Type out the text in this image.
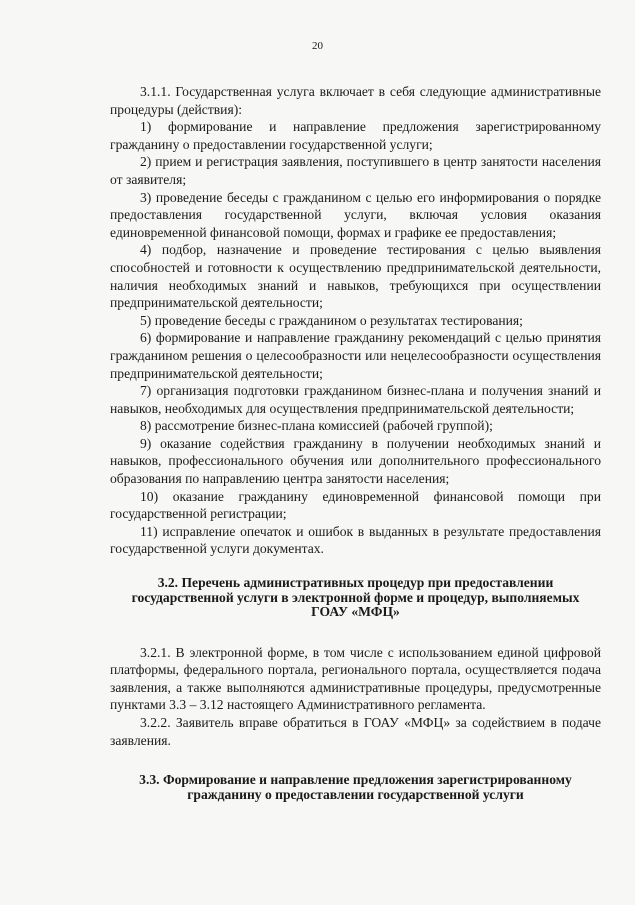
20

3.1.1. Государственная услуга включает в себя следующие административные процедуры (действия):

1) формирование и направление предложения зарегистрированному гражданину о предоставлении государственной услуги;

2) прием и регистрация заявления, поступившего в центр занятости населения от заявителя;

3) проведение беседы с гражданином с целью его информирования о порядке предоставления государственной услуги, включая условия оказания единовременной финансовой помощи, формах и графике ее предоставления;

4) подбор, назначение и проведение тестирования с целью выявления способностей и готовности к осуществлению предпринимательской деятельности, наличия необходимых знаний и навыков, требующихся при осуществлении предпринимательской деятельности;

5) проведение беседы с гражданином о результатах тестирования;

6) формирование и направление гражданину рекомендаций с целью принятия гражданином решения о целесообразности или нецелесообразности осуществления предпринимательской деятельности;

7) организация подготовки гражданином бизнес-плана и получения знаний и навыков, необходимых для осуществления предпринимательской деятельности;

8) рассмотрение бизнес-плана комиссией (рабочей группой);

9) оказание содействия гражданину в получении необходимых знаний и навыков, профессионального обучения или дополнительного профессионального образования по направлению центра занятости населения;

10) оказание гражданину единовременной финансовой помощи при государственной регистрации;

11) исправление опечаток и ошибок в выданных в результате предоставления государственной услуги документах.

3.2. Перечень административных процедур при предоставлении государственной услуги в электронной форме и процедур, выполняемых ГОАУ «МФЦ»

3.2.1. В электронной форме, в том числе с использованием единой цифровой платформы, федерального портала, регионального портала, осуществляется подача заявления, а также выполняются административные процедуры, предусмотренные пунктами 3.3 – 3.12 настоящего Административного регламента.

3.2.2. Заявитель вправе обратиться в ГОАУ «МФЦ» за содействием в подаче заявления.

3.3. Формирование и направление предложения зарегистрированному гражданину о предоставлении государственной услуги
